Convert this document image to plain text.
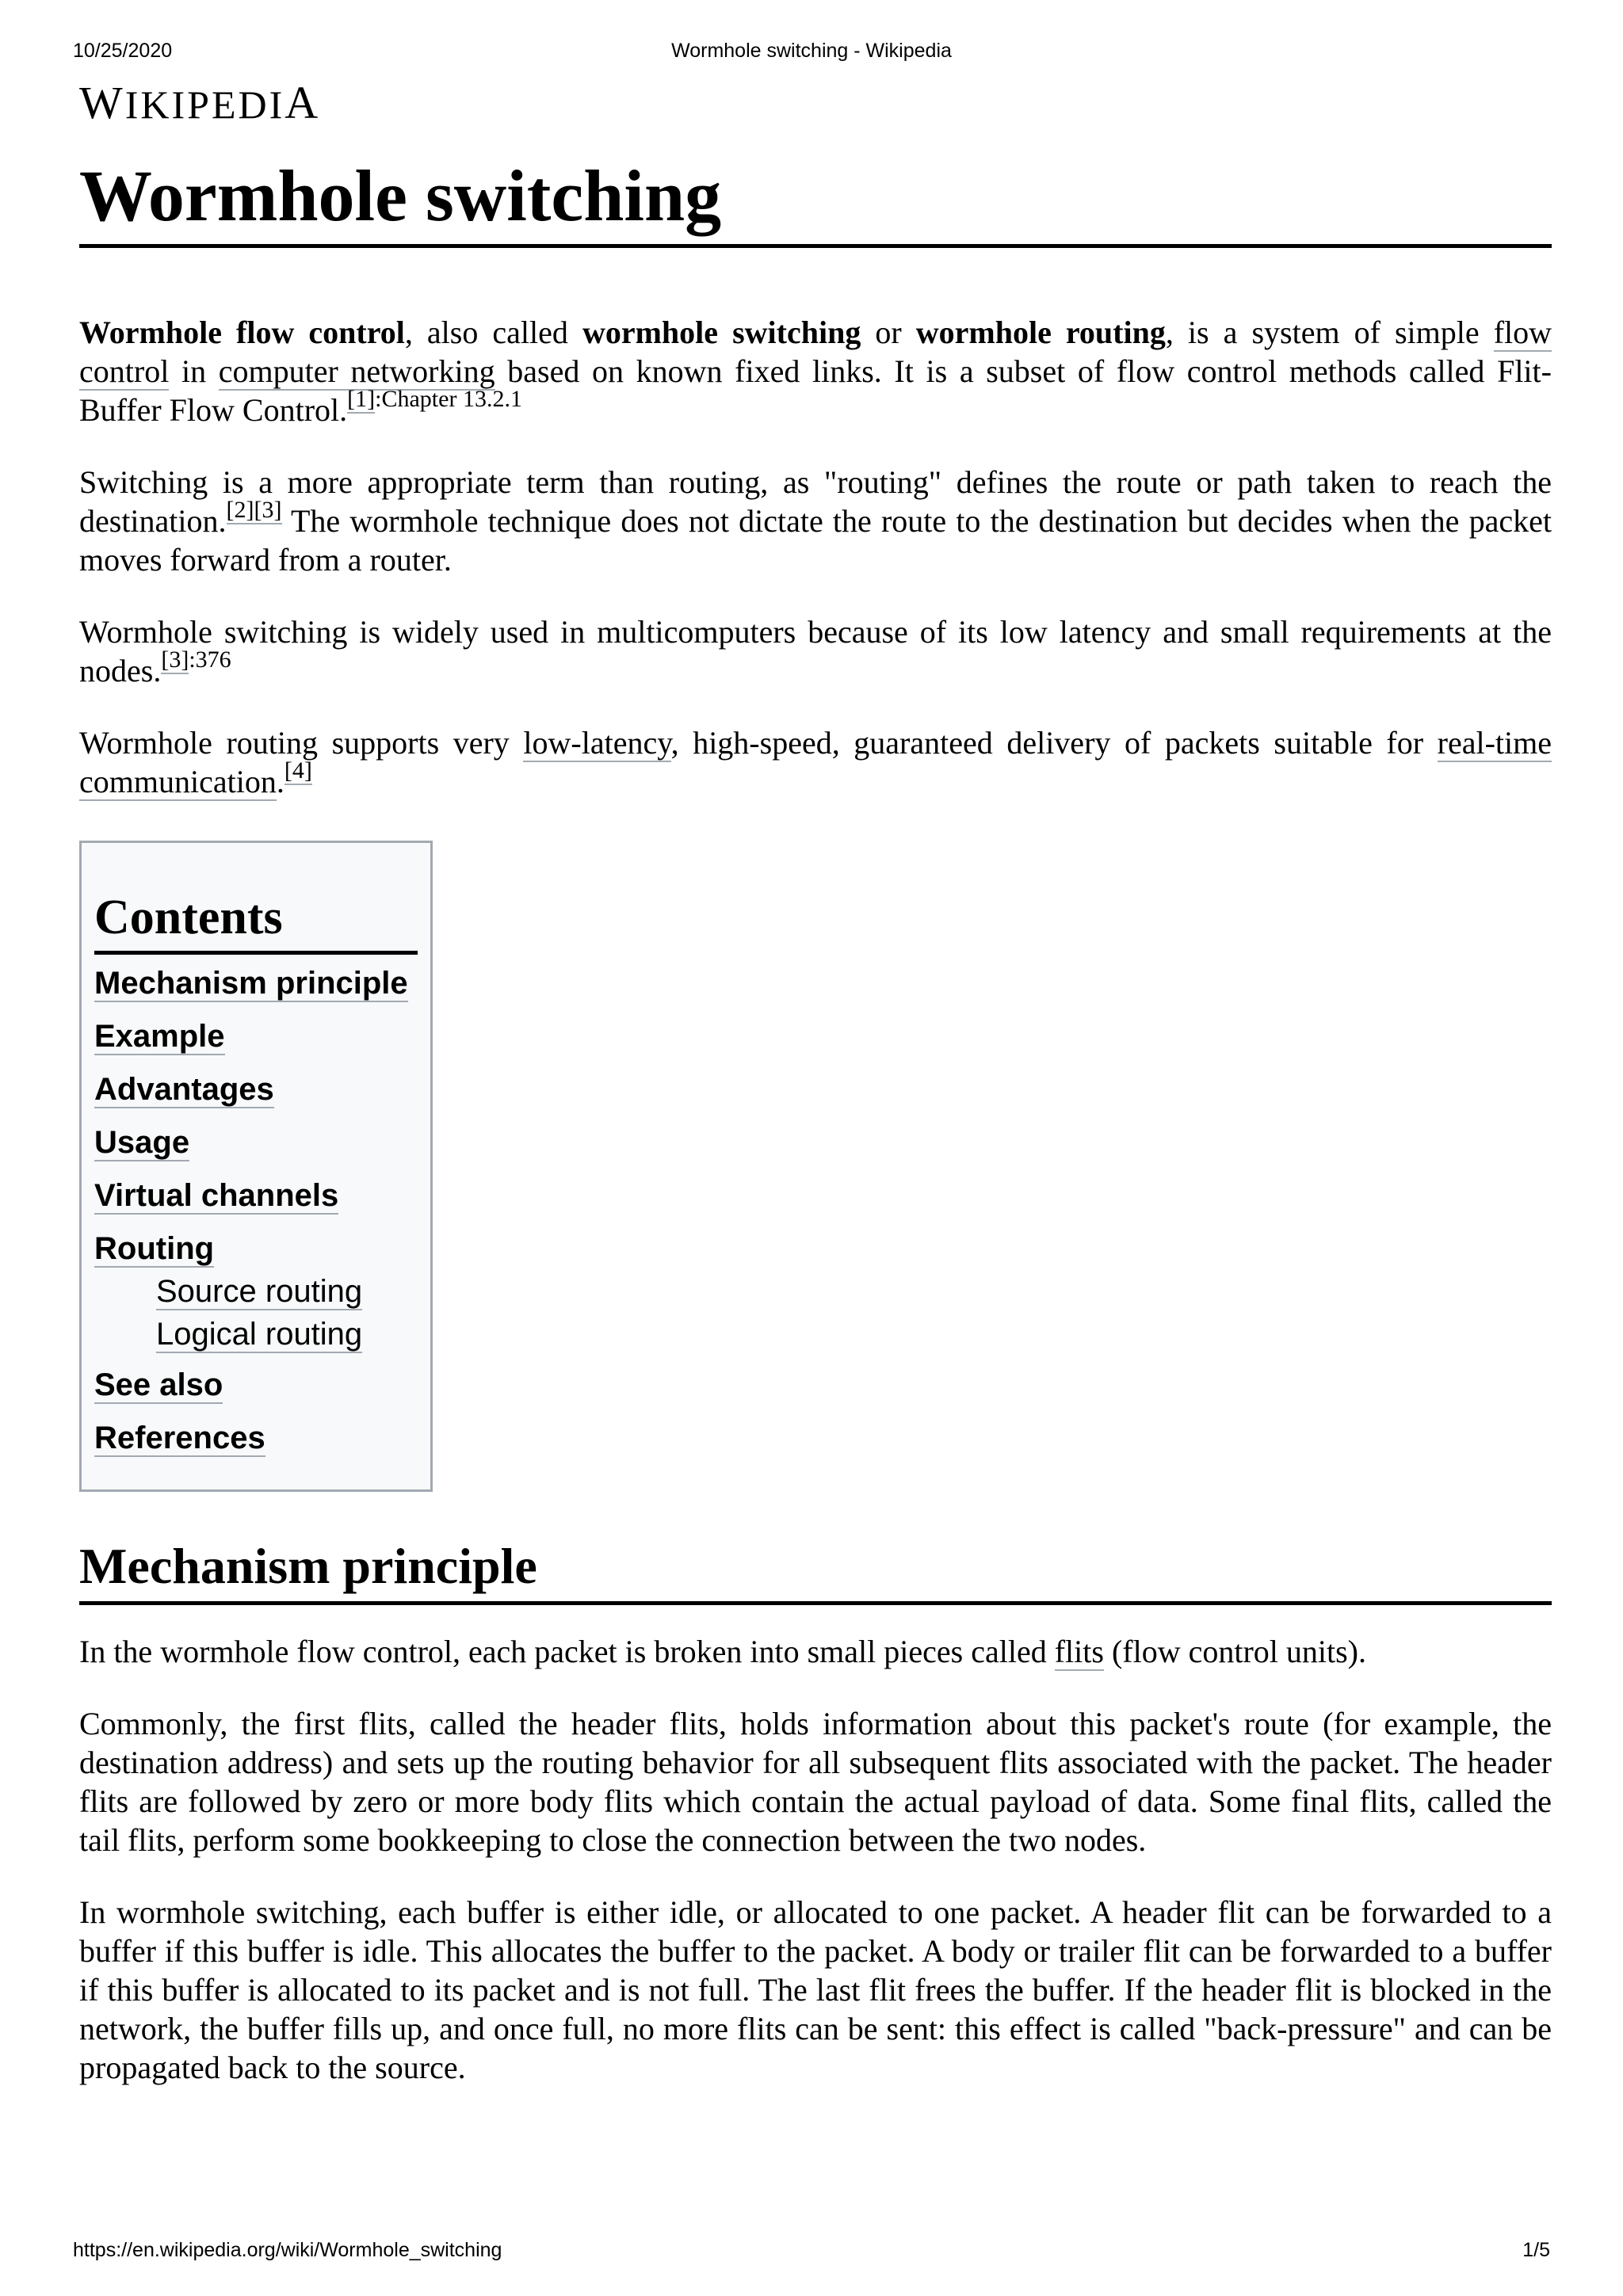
10/25/2020	Wormhole switching - Wikipedia
WIKIPEDIA
Wormhole switching

Wormhole flow control, also called wormhole switching or wormhole routing, is a system of simple flow control in computer networking based on known fixed links. It is a subset of flow control methods called Flit-Buffer Flow Control.$^{[1]:Chapter 13.2.1}$

Switching is a more appropriate term than routing, as "routing" defines the route or path taken to reach the destination.[2][3] The wormhole technique does not dictate the route to the destination but decides when the packet moves forward from a router.

Wormhole switching is widely used in multicomputers because of its low latency and small requirements at the nodes.$^{[3]:376}$

Wormhole routing supports very low-latency, high-speed, guaranteed delivery of packets suitable for real-time communication.[4]

Contents
Mechanism principle
Example
Advantages
Usage
Virtual channels
Routing
Source routing
Logical routing
See also
References
Mechanism principle

In the wormhole flow control, each packet is broken into small pieces called flits (flow control units).

Commonly, the first flits, called the header flits, holds information about this packet's route (for example, the destination address) and sets up the routing behavior for all subsequent flits associated with the packet. The header flits are followed by zero or more body flits which contain the actual payload of data. Some final flits, called the tail flits, perform some bookkeeping to close the connection between the two nodes.

In wormhole switching, each buffer is either idle, or allocated to one packet. A header flit can be forwarded to a buffer if this buffer is idle. This allocates the buffer to the packet. A body or trailer flit can be forwarded to a buffer if this buffer is allocated to its packet and is not full. The last flit frees the buffer. If the header flit is blocked in the network, the buffer fills up, and once full, no more flits can be sent: this effect is called "back-pressure" and can be propagated back to the source.

https://en.wikipedia.org/wiki/Wormhole_switching	1/5
